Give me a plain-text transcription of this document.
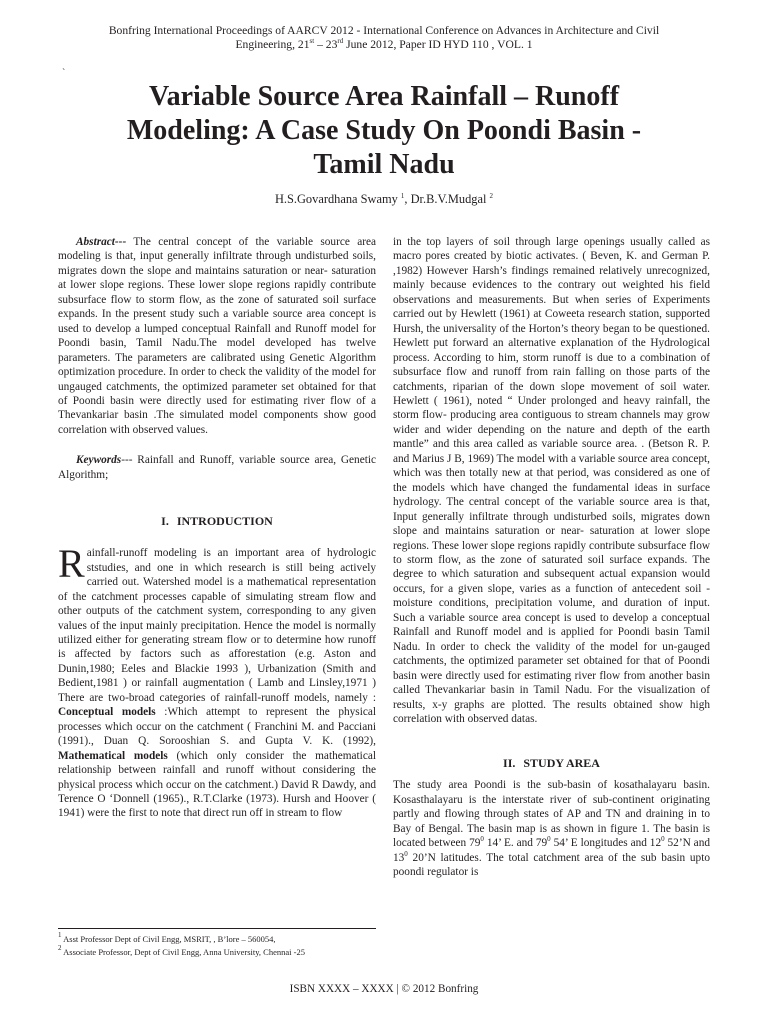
Bonfring International Proceedings of AARCV 2012 - International Conference on Advances in Architecture and Civil
Engineering, 21st – 23rd June 2012, Paper ID HYD 110 , VOL. 1
`
Variable Source Area Rainfall – Runoff
Modeling: A Case Study On Poondi Basin -
Tamil Nadu
H.S.Govardhana Swamy $^1$, Dr.B.V.Mudgal $^2$

Abstract--- The central concept of the variable source area modeling is that, input generally infiltrate through undisturbed soils, migrates down the slope and maintains saturation or near- saturation at lower slope regions. These lower slope regions rapidly contribute subsurface flow to storm flow, as the zone of saturated soil surface expands. In the present study such a variable source area concept is used to develop a lumped conceptual Rainfall and Runoff model for Poondi basin, Tamil Nadu.The model developed has twelve parameters. The parameters are calibrated using Genetic Algorithm optimization procedure. In order to check the validity of the model for ungauged catchments, the optimized parameter set obtained for that of Poondi basin were directly used for estimating river flow of a Thevankariar basin .The simulated model components show good correlation with observed values.

Keywords--- Rainfall and Runoff, variable source area, Genetic Algorithm;

I. INTRODUCTION

Rainfall-runoff modeling is an important area of hydrologic ststudies, and one in which research is still being actively carried out. Watershed model is a mathematical representation of the catchment processes capable of simulating stream flow and other outputs of the catchment system, corresponding to any given values of the input mainly precipitation. Hence the model is normally utilized either for generating stream flow or to determine how runoff is affected by factors such as afforestation (e.g. Aston and Dunin,1980; Eeles and Blackie 1993 ), Urbanization (Smith and Bedient,1981 ) or rainfall augmentation ( Lamb and Linsley,1971 ) There are two-broad categories of rainfall-runoff models, namely : Conceptual models :Which attempt to represent the physical processes which occur on the catchment ( Franchini M. and Pacciani (1991)., Duan Q. Sorooshian S. and Gupta V. K. (1992), Mathematical models (which only consider the mathematical relationship between rainfall and runoff without considering the physical process which occur on the catchment.) David R Dawdy, and Terence O ‘Donnell (1965)., R.T.Clarke (1973). Hursh and Hoover ( 1941) were the first to note that direct run off in stream to flow

in the top layers of soil through large openings usually called as macro pores created by biotic activates. ( Beven, K. and German P. ,1982) However Harsh’s findings remained relatively unrecognized, mainly because evidences to the contrary out weighted his field observations and measurements. But when series of Experiments carried out by Hewlett (1961) at Coweeta research station, supported Hursh, the universality of the Horton’s theory began to be questioned. Hewlett put forward an alternative explanation of the Hydrological process. According to him, storm runoff is due to a combination of subsurface flow and runoff from rain falling on those parts of the catchments, riparian of the down slope movement of soil water. Hewlett ( 1961), noted “ Under prolonged and heavy rainfall, the storm flow- producing area contiguous to stream channels may grow wider and wider depending on the nature and depth of the earth mantle” and this area called as variable source area. . (Betson R. P. and Marius J B, 1969) The model with a variable source area concept, which was then totally new at that period, was considered as one of the models which have changed the fundamental ideas in surface hydrology. The central concept of the variable source area is that, Input generally infiltrate through undisturbed soils, migrates down slope and maintains saturation or near- saturation at lower slope regions. These lower slope regions rapidly contribute subsurface flow to storm flow, as the zone of saturated soil surface expands. The degree to which saturation and subsequent actual expansion would occurs, for a given slope, varies as a function of antecedent soil - moisture conditions, precipitation volume, and duration of input. Such a variable source area concept is used to develop a conceptual Rainfall and Runoff model and is applied for Poondi basin Tamil Nadu. In order to check the validity of the model for un-gauged catchments, the optimized parameter set obtained for that of Poondi basin were directly used for estimating river flow from another basin called Thevankariar basin in Tamil Nadu. For the visualization of results, x-y graphs are plotted. The results obtained show high correlation with observed datas.

II. STUDY AREA

The study area Poondi is the sub-basin of kosathalayaru basin. Kosasthalayaru is the interstate river of sub-continent originating partly and flowing through states of AP and TN and draining in to Bay of Bengal. The basin map is as shown in figure 1. The basin is located between $79^0$ 14’ E. and $79^0$ 54’ E longitudes and $12^0$ 52’N and $13^0$ 20’N latitudes. The total catchment area of the sub basin upto poondi regulator is

$^1$ Asst Professor Dept of Civil Engg, MSRIT, , B’lore – 560054,

$^2$ Associate Professor, Dept of Civil Engg, Anna University, Chennai -25

ISBN XXXX – XXXX | © 2012 Bonfring
